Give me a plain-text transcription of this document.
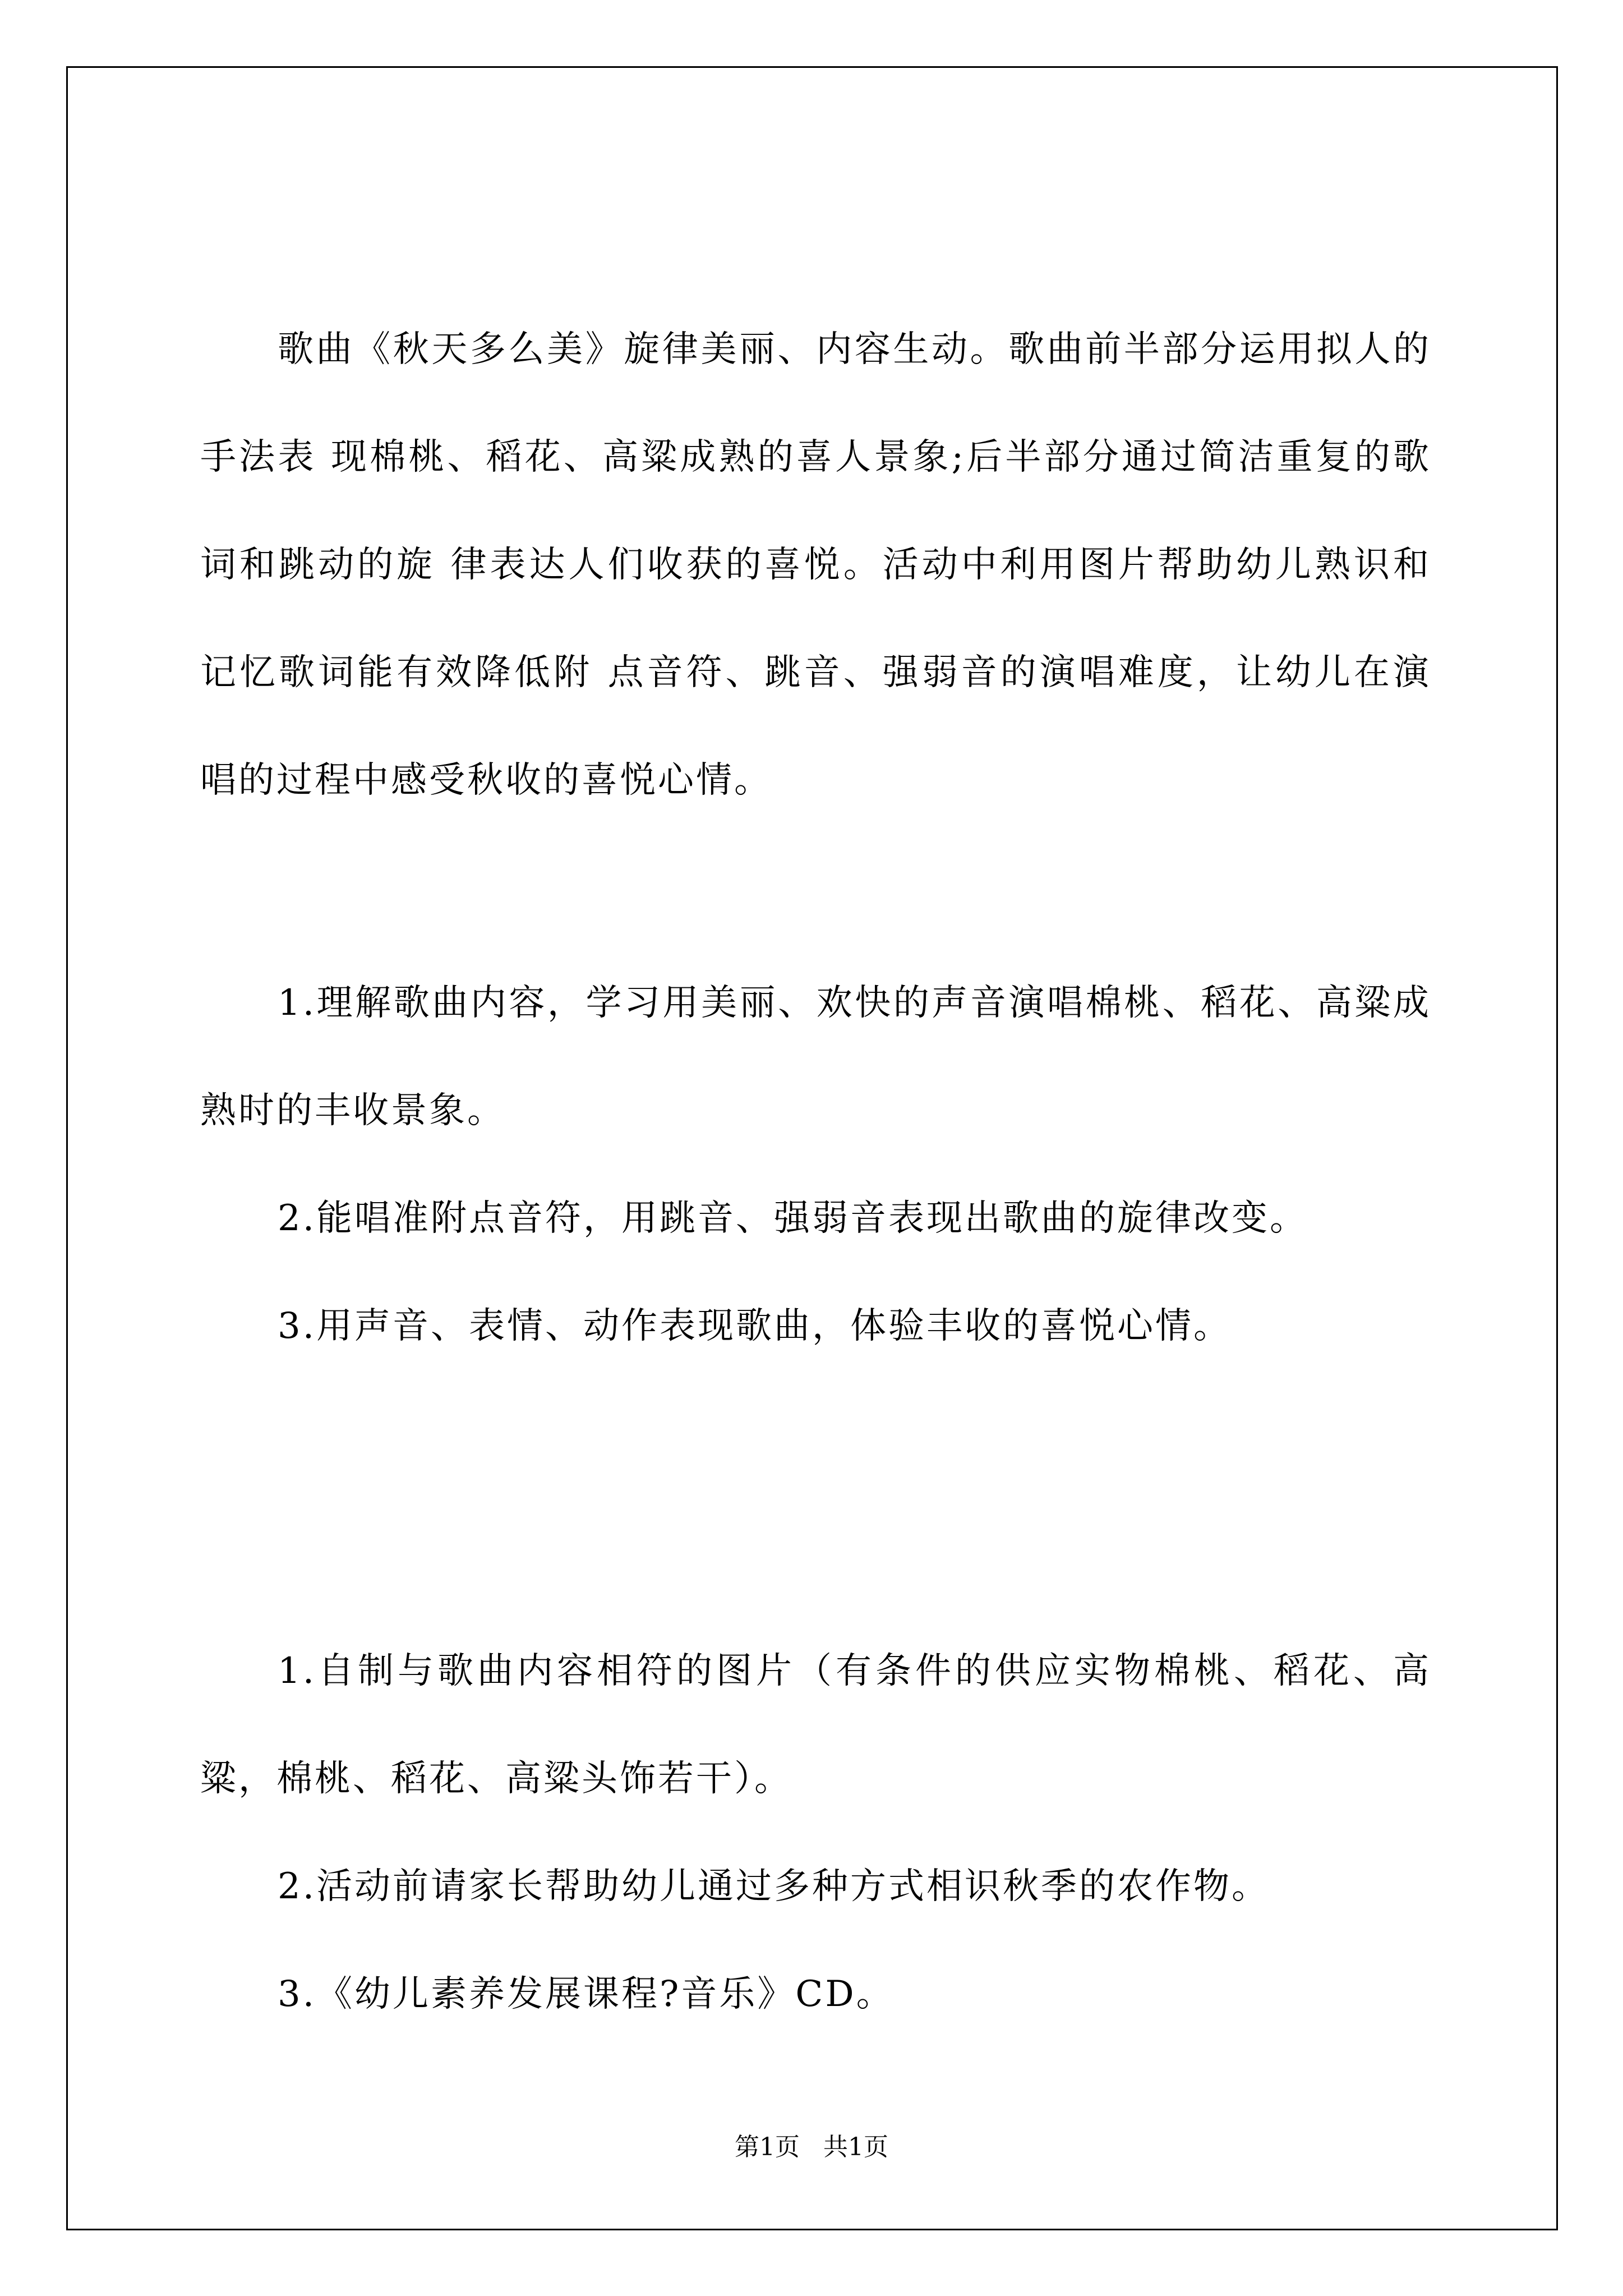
歌曲《秋天多么美》旋律美丽、内容生动。歌曲前半部分运用拟人的手法表 现棉桃、稻花、高粱成熟的喜人景象;后半部分通过简洁重复的歌词和跳动的旋 律表达人们收获的喜悦。活动中利用图片帮助幼儿熟识和记忆歌词能有效降低附 点音符、跳音、强弱音的演唱难度，让幼儿在演唱的过程中感受秋收的喜悦心情。

1.理解歌曲内容，学习用美丽、欢快的声音演唱棉桃、稻花、高粱成熟时的丰收景象。

2.能唱准附点音符，用跳音、强弱音表现出歌曲的旋律改变。

3.用声音、表情、动作表现歌曲，体验丰收的喜悦心情。

1.自制与歌曲内容相符的图片（有条件的供应实物棉桃、稻花、高粱，棉桃、稻花、高粱头饰若干）。

2.活动前请家长帮助幼儿通过多种方式相识秋季的农作物。

3.《幼儿素养发展课程?音乐》CD。

第1页   共1页
